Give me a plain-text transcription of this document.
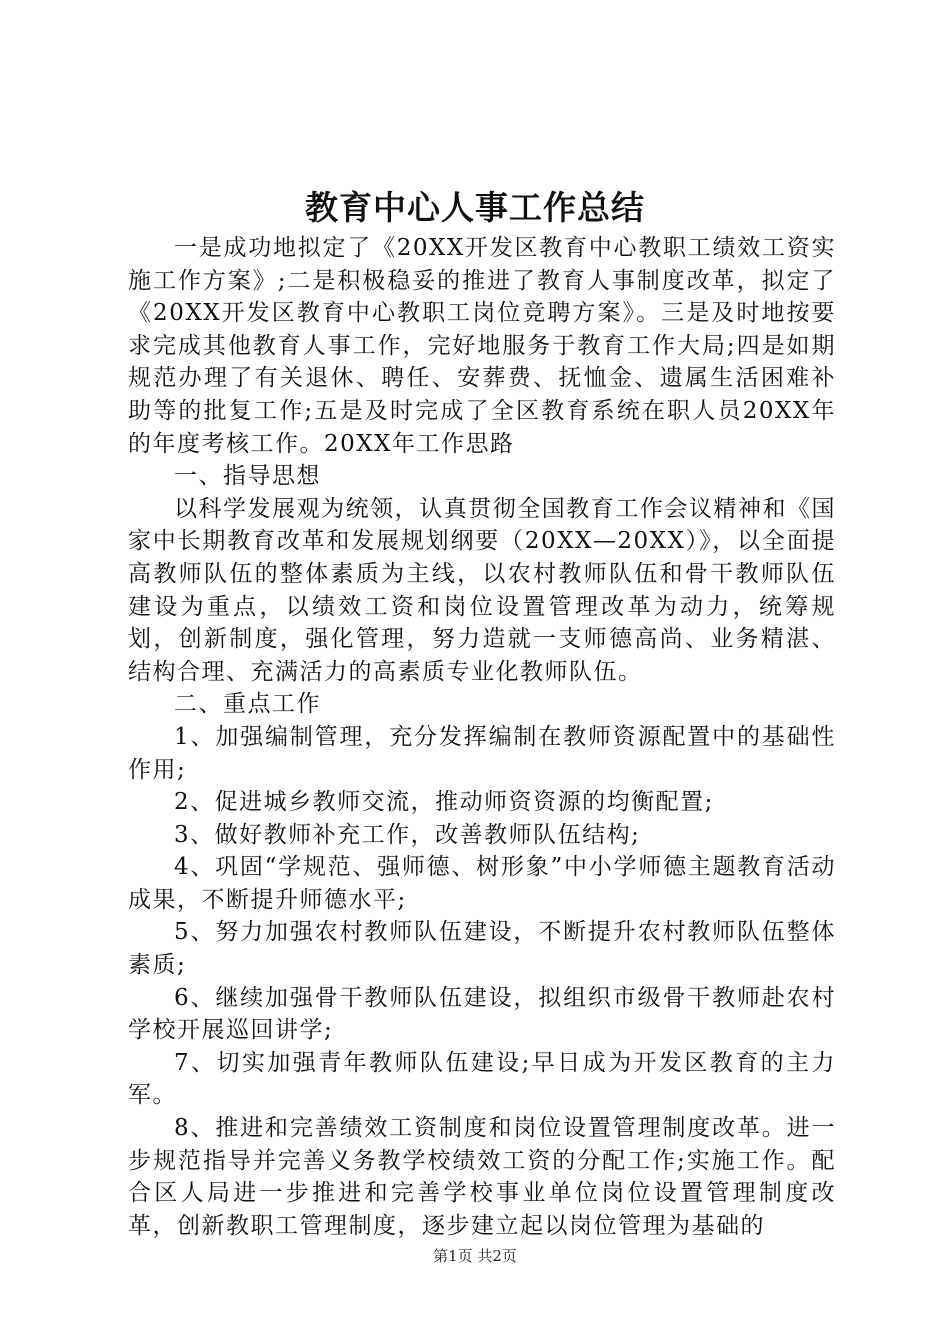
教育中心人事工作总结

一是成功地拟定了《20XX开发区教育中心教职工绩效工资实施工作方案》;二是积极稳妥的推进了教育人事制度改革，拟定了《20XX开发区教育中心教职工岗位竞聘方案》。三是及时地按要求完成其他教育人事工作，完好地服务于教育工作大局;四是如期规范办理了有关退休、聘任、安葬费、抚恤金、遗属生活困难补助等的批复工作;五是及时完成了全区教育系统在职人员20XX年的年度考核工作。20XX年工作思路

一、指导思想

以科学发展观为统领，认真贯彻全国教育工作会议精神和《国家中长期教育改革和发展规划纲要（20XX—20XX）》，以全面提高教师队伍的整体素质为主线，以农村教师队伍和骨干教师队伍建设为重点，以绩效工资和岗位设置管理改革为动力，统筹规划，创新制度，强化管理，努力造就一支师德高尚、业务精湛、结构合理、充满活力的高素质专业化教师队伍。

二、重点工作

1、加强编制管理，充分发挥编制在教师资源配置中的基础性作用;

2、促进城乡教师交流，推动师资资源的均衡配置;

3、做好教师补充工作，改善教师队伍结构;

4、巩固“学规范、强师德、树形象”中小学师德主题教育活动成果，不断提升师德水平;

5、努力加强农村教师队伍建设，不断提升农村教师队伍整体素质;

6、继续加强骨干教师队伍建设，拟组织市级骨干教师赴农村学校开展巡回讲学;

7、切实加强青年教师队伍建设;早日成为开发区教育的主力军。

8、推进和完善绩效工资制度和岗位设置管理制度改革。进一步规范指导并完善义务教学校绩效工资的分配工作;实施工作。配合区人局进一步推进和完善学校事业单位岗位设置管理制度改革，创新教职工管理制度，逐步建立起以岗位管理为基础的

第1页 共2页
